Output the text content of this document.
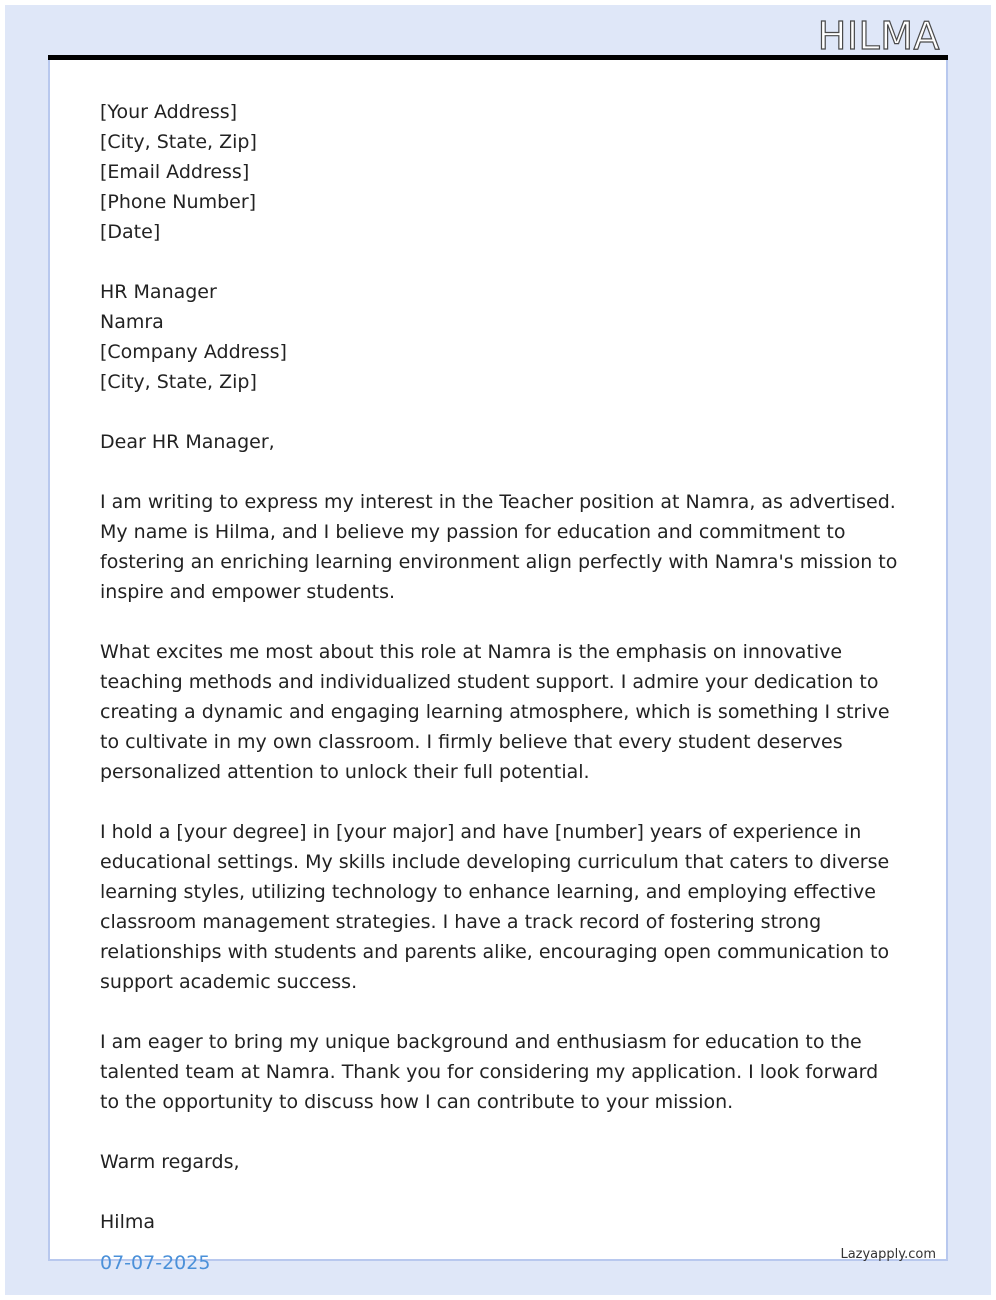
HILMA
[Your Address]
[City, State, Zip]
[Email Address]
[Phone Number]
[Date]
HR Manager
Namra
[Company Address]
[City, State, Zip]
Dear HR Manager,

I am writing to express my interest in the Teacher position at Namra, as advertised. My name is Hilma, and I believe my passion for education and commitment to fostering an enriching learning environment align perfectly with Namra's mission to inspire and empower students.

What excites me most about this role at Namra is the emphasis on innovative teaching methods and individualized student support. I admire your dedication to creating a dynamic and engaging learning atmosphere, which is something I strive to cultivate in my own classroom. I firmly believe that every student deserves personalized attention to unlock their full potential.

I hold a [your degree] in [your major] and have [number] years of experience in educational settings. My skills include developing curriculum that caters to diverse learning styles, utilizing technology to enhance learning, and employing effective classroom management strategies. I have a track record of fostering strong relationships with students and parents alike, encouraging open communication to support academic success.

I am eager to bring my unique background and enthusiasm for education to the talented team at Namra. Thank you for considering my application. I look forward to the opportunity to discuss how I can contribute to your mission.

Warm regards,
Hilma
07-07-2025	Lazyapply.com
